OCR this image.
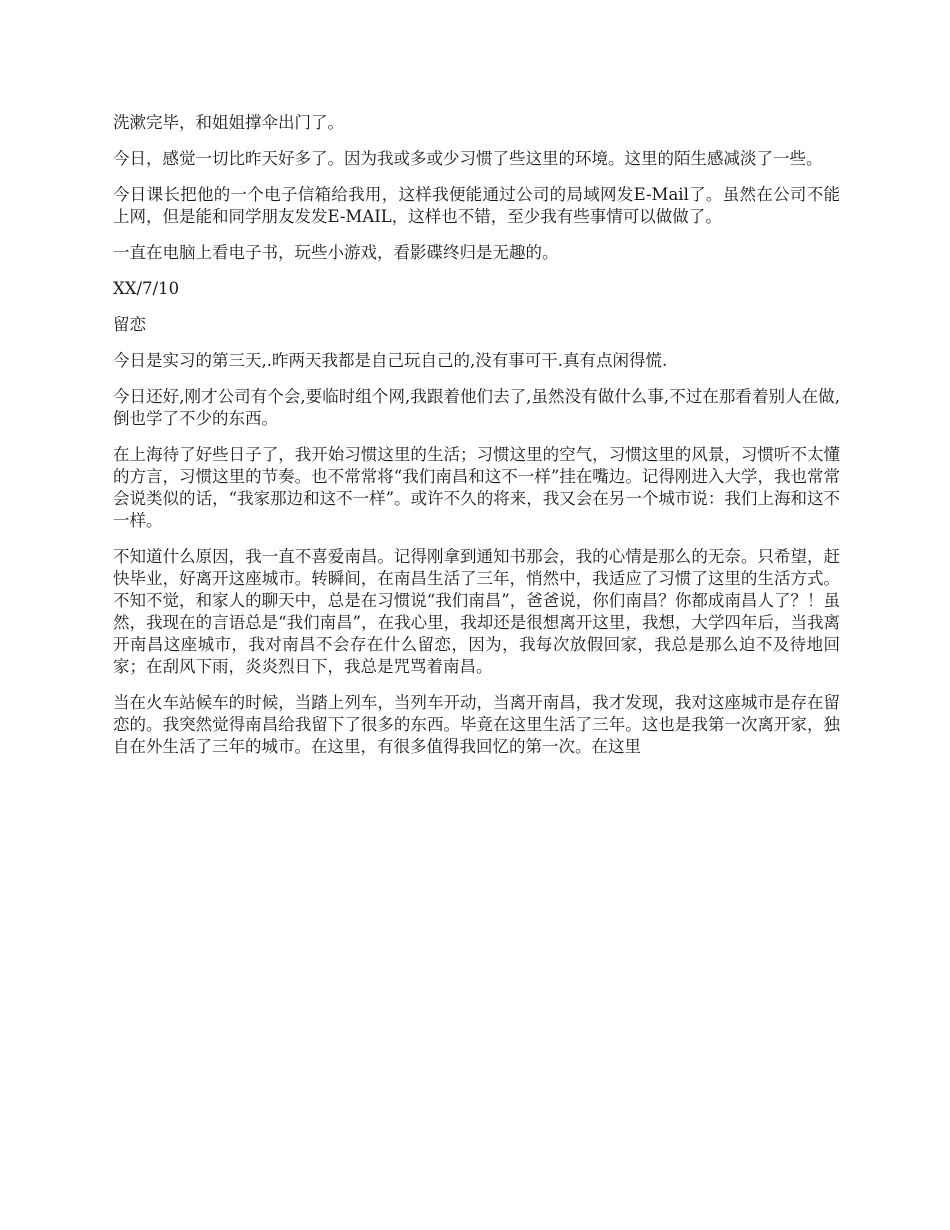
洗漱完毕，和姐姐撑伞出门了。

今日，感觉一切比昨天好多了。因为我或多或少习惯了些这里的环境。这里的陌生感减淡了一些。

今日课长把他的一个电子信箱给我用，这样我便能通过公司的局域网发E-Mail了。虽然在公司不能上网，但是能和同学朋友发发E-MAIL，这样也不错，至少我有些事情可以做做了。

一直在电脑上看电子书，玩些小游戏，看影碟终归是无趣的。

XX/7/10

留恋

今日是实习的第三天,.昨两天我都是自己玩自己的,没有事可干.真有点闲得慌.

今日还好,刚才公司有个会,要临时组个网,我跟着他们去了,虽然没有做什么事,不过在那看着别人在做,倒也学了不少的东西。

在上海待了好些日子了，我开始习惯这里的生活；习惯这里的空气，习惯这里的风景，习惯听不太懂的方言，习惯这里的节奏。也不常常将“我们南昌和这不一样”挂在嘴边。记得刚进入大学，我也常常会说类似的话，“我家那边和这不一样”。或许不久的将来，我又会在另一个城市说：我们上海和这不一样。

不知道什么原因，我一直不喜爱南昌。记得刚拿到通知书那会，我的心情是那么的无奈。只希望，赶快毕业，好离开这座城市。转瞬间，在南昌生活了三年，悄然中，我适应了习惯了这里的生活方式。不知不觉，和家人的聊天中，总是在习惯说“我们南昌”，爸爸说，你们南昌？你都成南昌人了？！虽然，我现在的言语总是“我们南昌”，在我心里，我却还是很想离开这里，我想，大学四年后，当我离开南昌这座城市，我对南昌不会存在什么留恋，因为，我每次放假回家，我总是那么迫不及待地回家；在刮风下雨，炎炎烈日下，我总是咒骂着南昌。

当在火车站候车的时候，当踏上列车，当列车开动，当离开南昌，我才发现，我对这座城市是存在留恋的。我突然觉得南昌给我留下了很多的东西。毕竟在这里生活了三年。这也是我第一次离开家，独自在外生活了三年的城市。在这里，有很多值得我回忆的第一次。在这里
